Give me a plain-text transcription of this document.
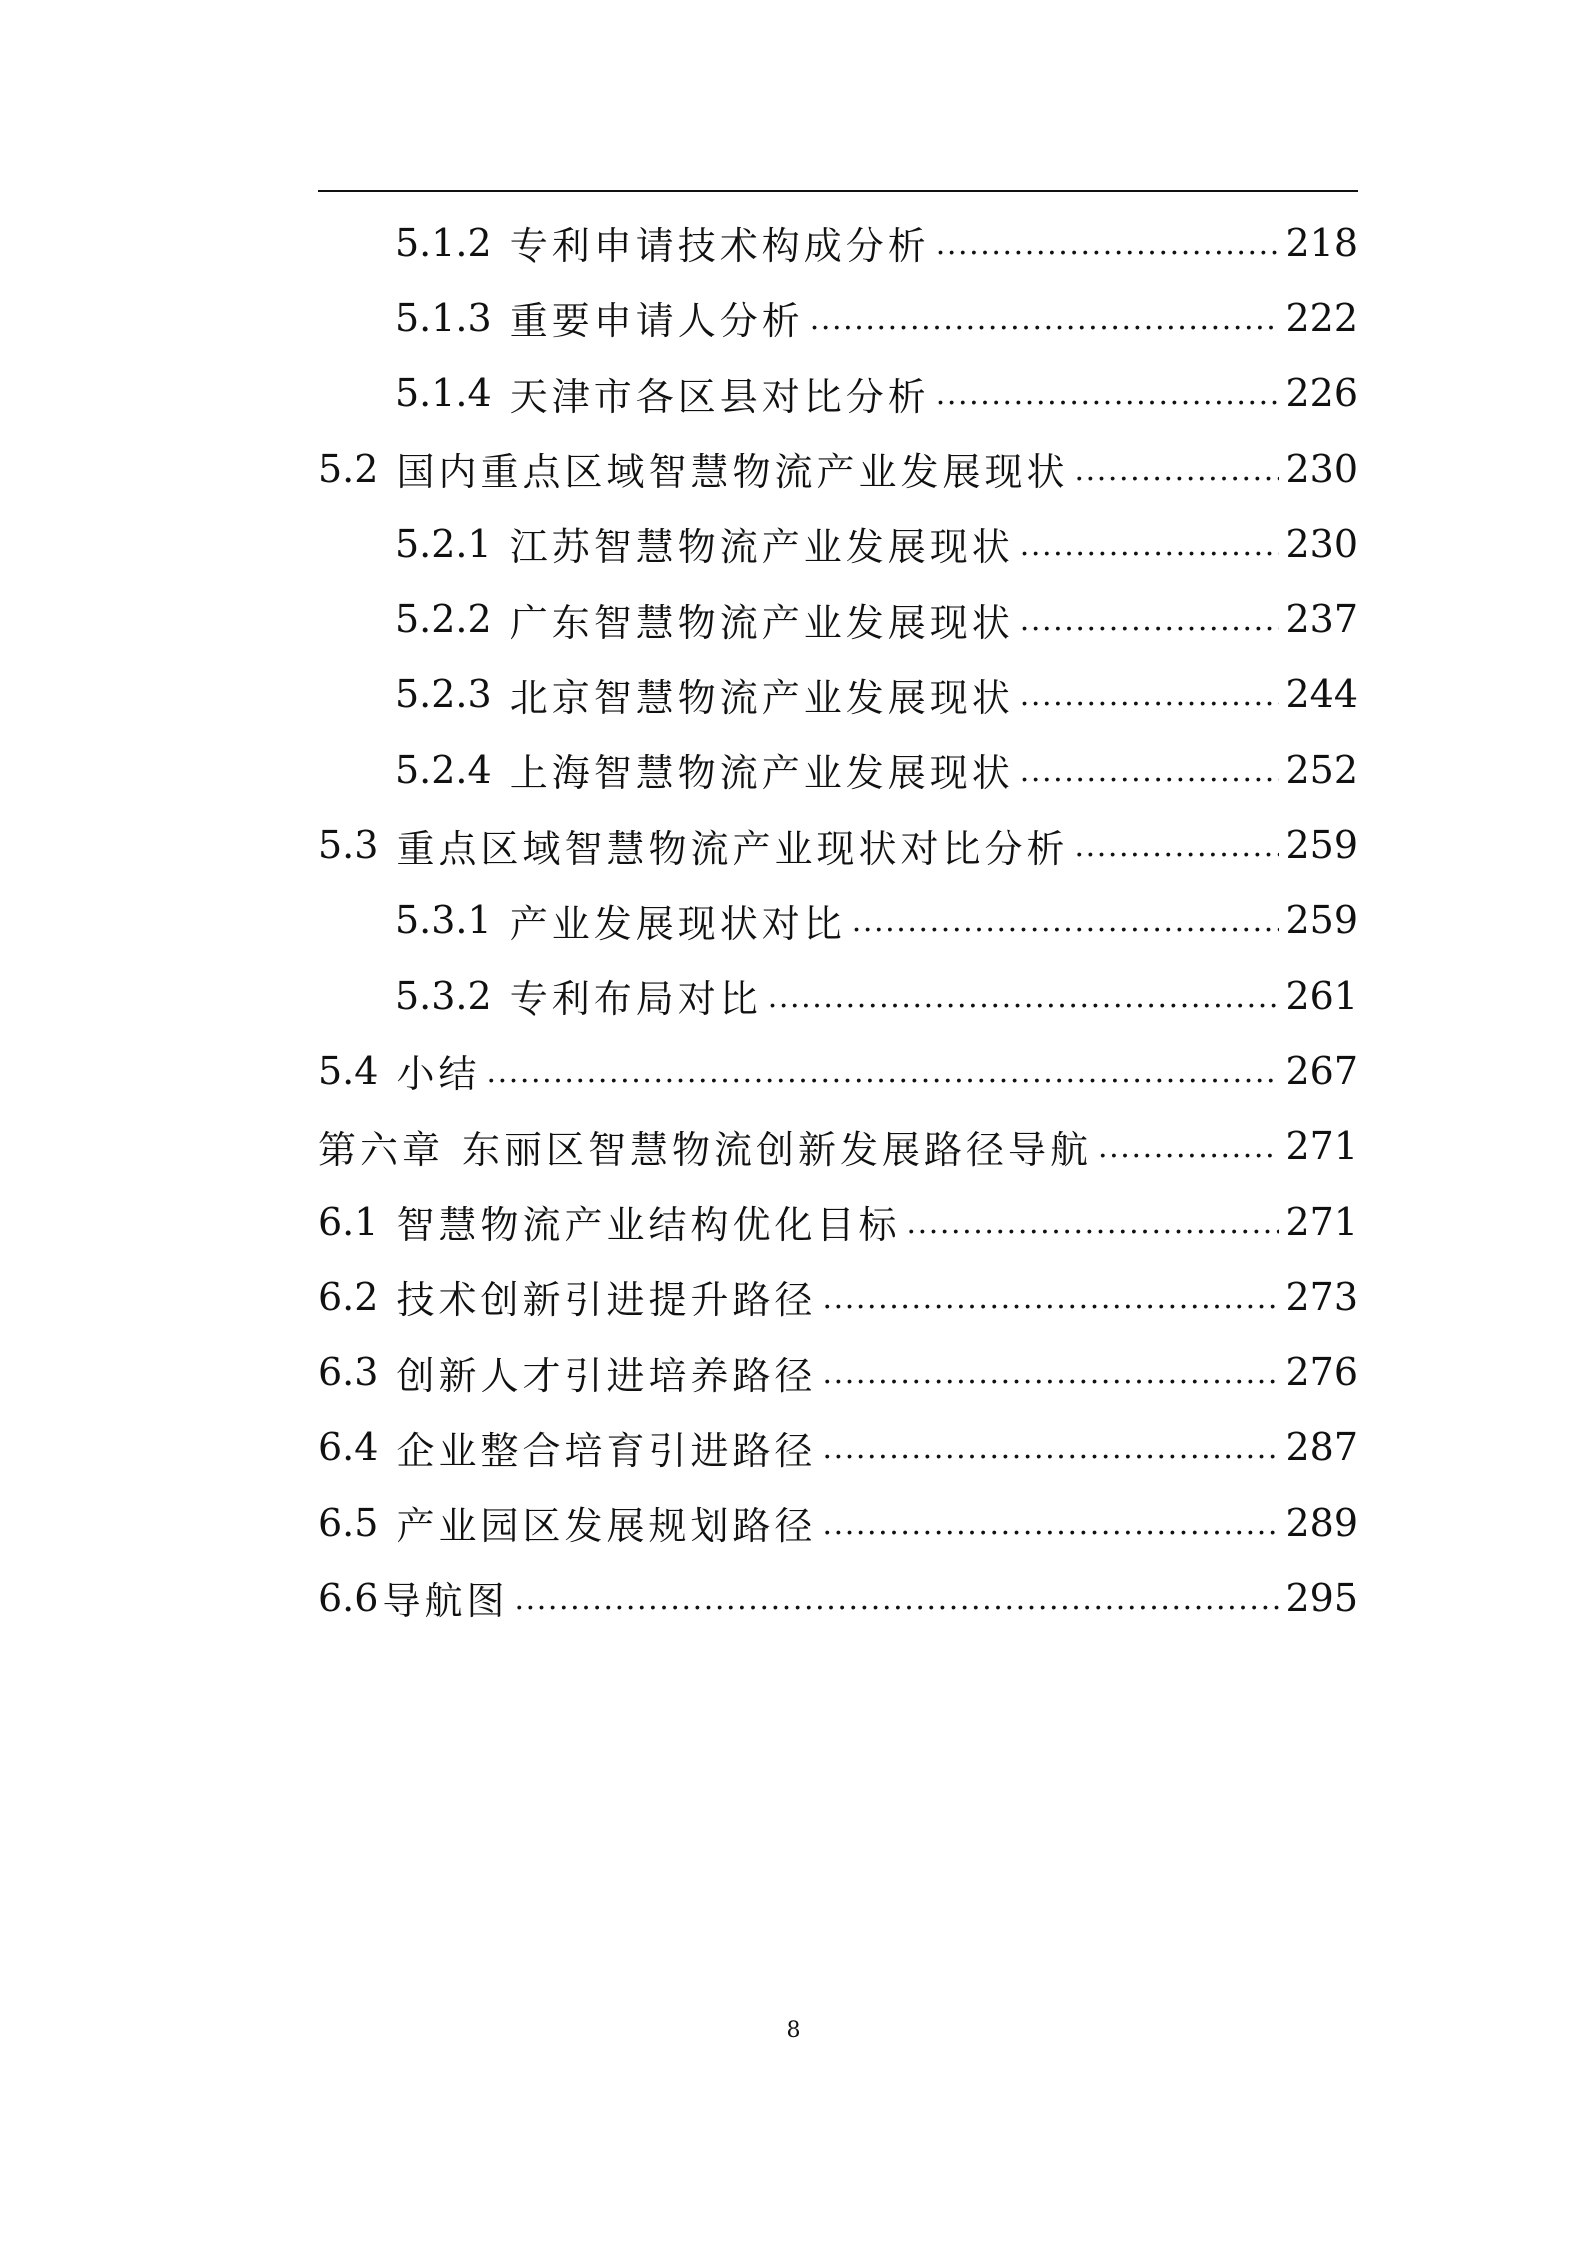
5.1.2 专利申请技术构成分析 .....	218
5.1.3 重要申请人分析 .....	222
5.1.4 天津市各区县对比分析 .....	226
5.2 国内重点区域智慧物流产业发展现状 .....	230
5.2.1 江苏智慧物流产业发展现状 .....	230
5.2.2 广东智慧物流产业发展现状 .....	237
5.2.3 北京智慧物流产业发展现状 .....	244
5.2.4 上海智慧物流产业发展现状 .....	252
5.3 重点区域智慧物流产业现状对比分析 .....	259
5.3.1 产业发展现状对比 .....	259
5.3.2 专利布局对比 .....	261
5.4 小结 .....	267
第六章 东丽区智慧物流创新发展路径导航 .....	271
6.1 智慧物流产业结构优化目标 .....	271
6.2 技术创新引进提升路径 .....	273
6.3 创新人才引进培养路径 .....	276
6.4 企业整合培育引进路径 .....	287
6.5 产业园区发展规划路径 .....	289
6.6 导航图 .....	295
8
